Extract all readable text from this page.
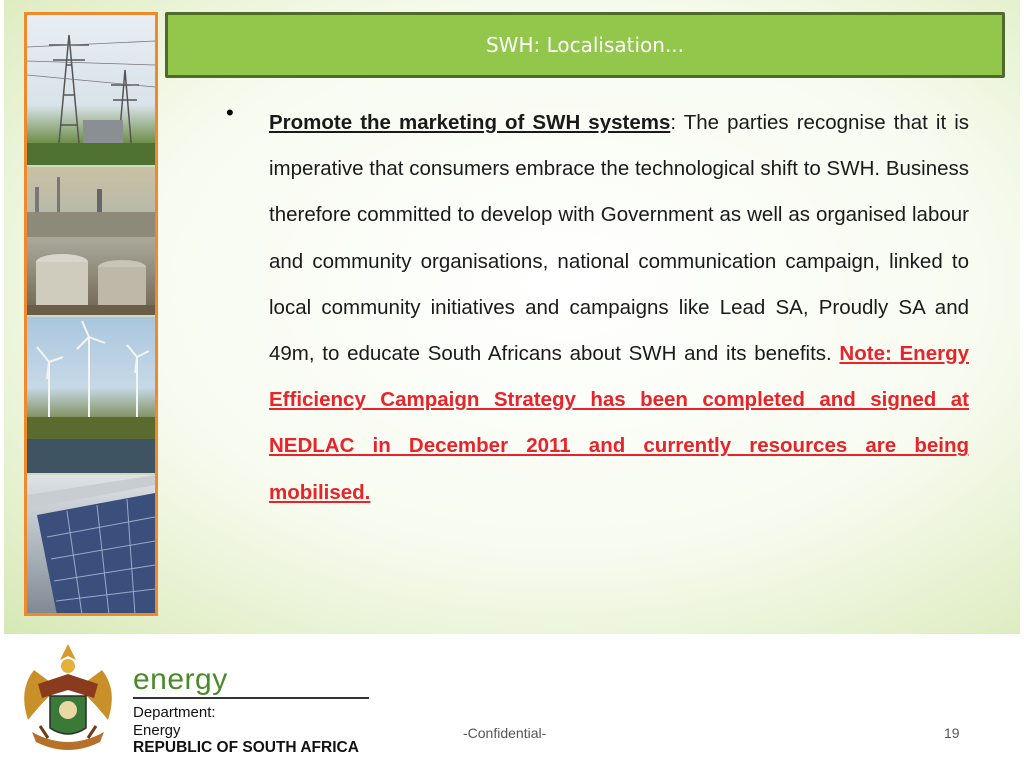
SWH: Localisation...
• Promote the marketing of SWH systems: The parties recognise that it is imperative that consumers embrace the technological shift to SWH. Business therefore committed to develop with Government as well as organised labour and community organisations, national communication campaign, linked to local community initiatives and campaigns like Lead SA, Proudly SA and 49m, to educate South Africans about SWH and its benefits. Note: Energy Efficiency Campaign Strategy has been completed and signed at NEDLAC in December 2011 and currently resources are being mobilised.
energy
Department:
Energy
REPUBLIC OF SOUTH AFRICA
-Confidential-	19
